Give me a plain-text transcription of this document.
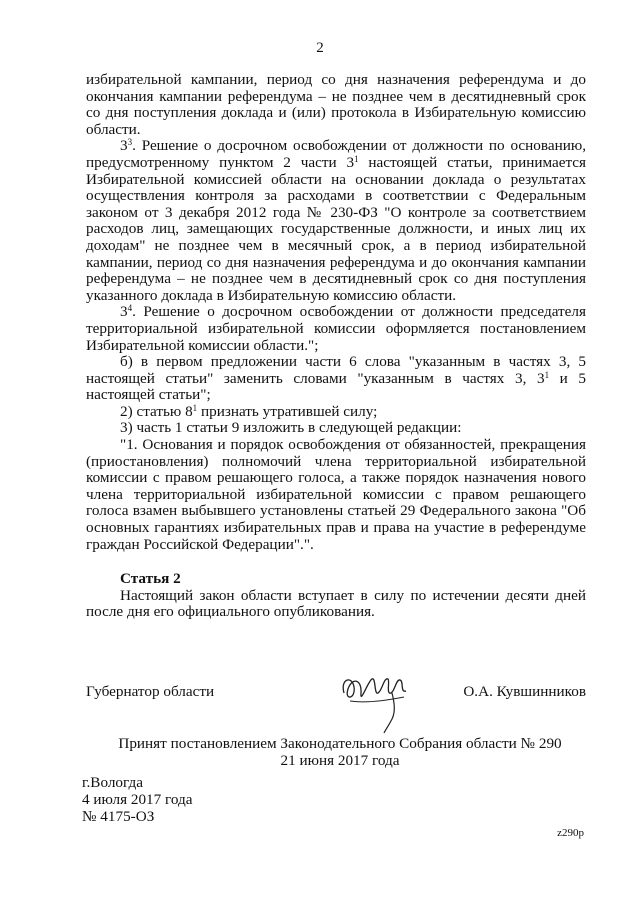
2

избирательной кампании, период со дня назначения референдума и до окончания кампании референдума – не позднее чем в десятидневный срок со дня поступления доклада и (или) протокола в Избирательную комиссию области.

$3^3$. Решение о досрочном освобождении от должности по основанию, предусмотренному пунктом 2 части $3^1$ настоящей статьи, принимается Избирательной комиссией области на основании доклада о результатах осуществления контроля за расходами в соответствии с Федеральным законом от 3 декабря 2012 года № 230-ФЗ "О контроле за соответствием расходов лиц, замещающих государственные должности, и иных лиц их доходам" не позднее чем в месячный срок, а в период избирательной кампании, период со дня назначения референдума и до окончания кампании референдума – не позднее чем в десятидневный срок со дня поступления указанного доклада в Избирательную комиссию области.

$3^4$. Решение о досрочном освобождении от должности председателя территориальной избирательной комиссии оформляется постановлением Избирательной комиссии области.";

б) в первом предложении части 6 слова "указанным в частях 3, 5 настоящей статьи" заменить словами "указанным в частях 3, $3^1$ и 5 настоящей статьи";

2) статью $8^1$ признать утратившей силу;

3) часть 1 статьи 9 изложить в следующей редакции:

"1. Основания и порядок освобождения от обязанностей, прекращения (приостановления) полномочий члена территориальной избирательной комиссии с правом решающего голоса, а также порядок назначения нового члена территориальной избирательной комиссии с правом решающего голоса взамен выбывшего установлены статьей 29 Федерального закона "Об основных гарантиях избирательных прав и права на участие в референдуме граждан Российской Федерации".".

Статья 2

Настоящий закон области вступает в силу по истечении десяти дней после дня его официального опубликования.

Губернатор области	О.А. Кувшинников
Принят постановлением Законодательного Собрания области № 290
21 июня 2017 года
г.Вологда
4 июля 2017 года
№ 4175-ОЗ
z290p
